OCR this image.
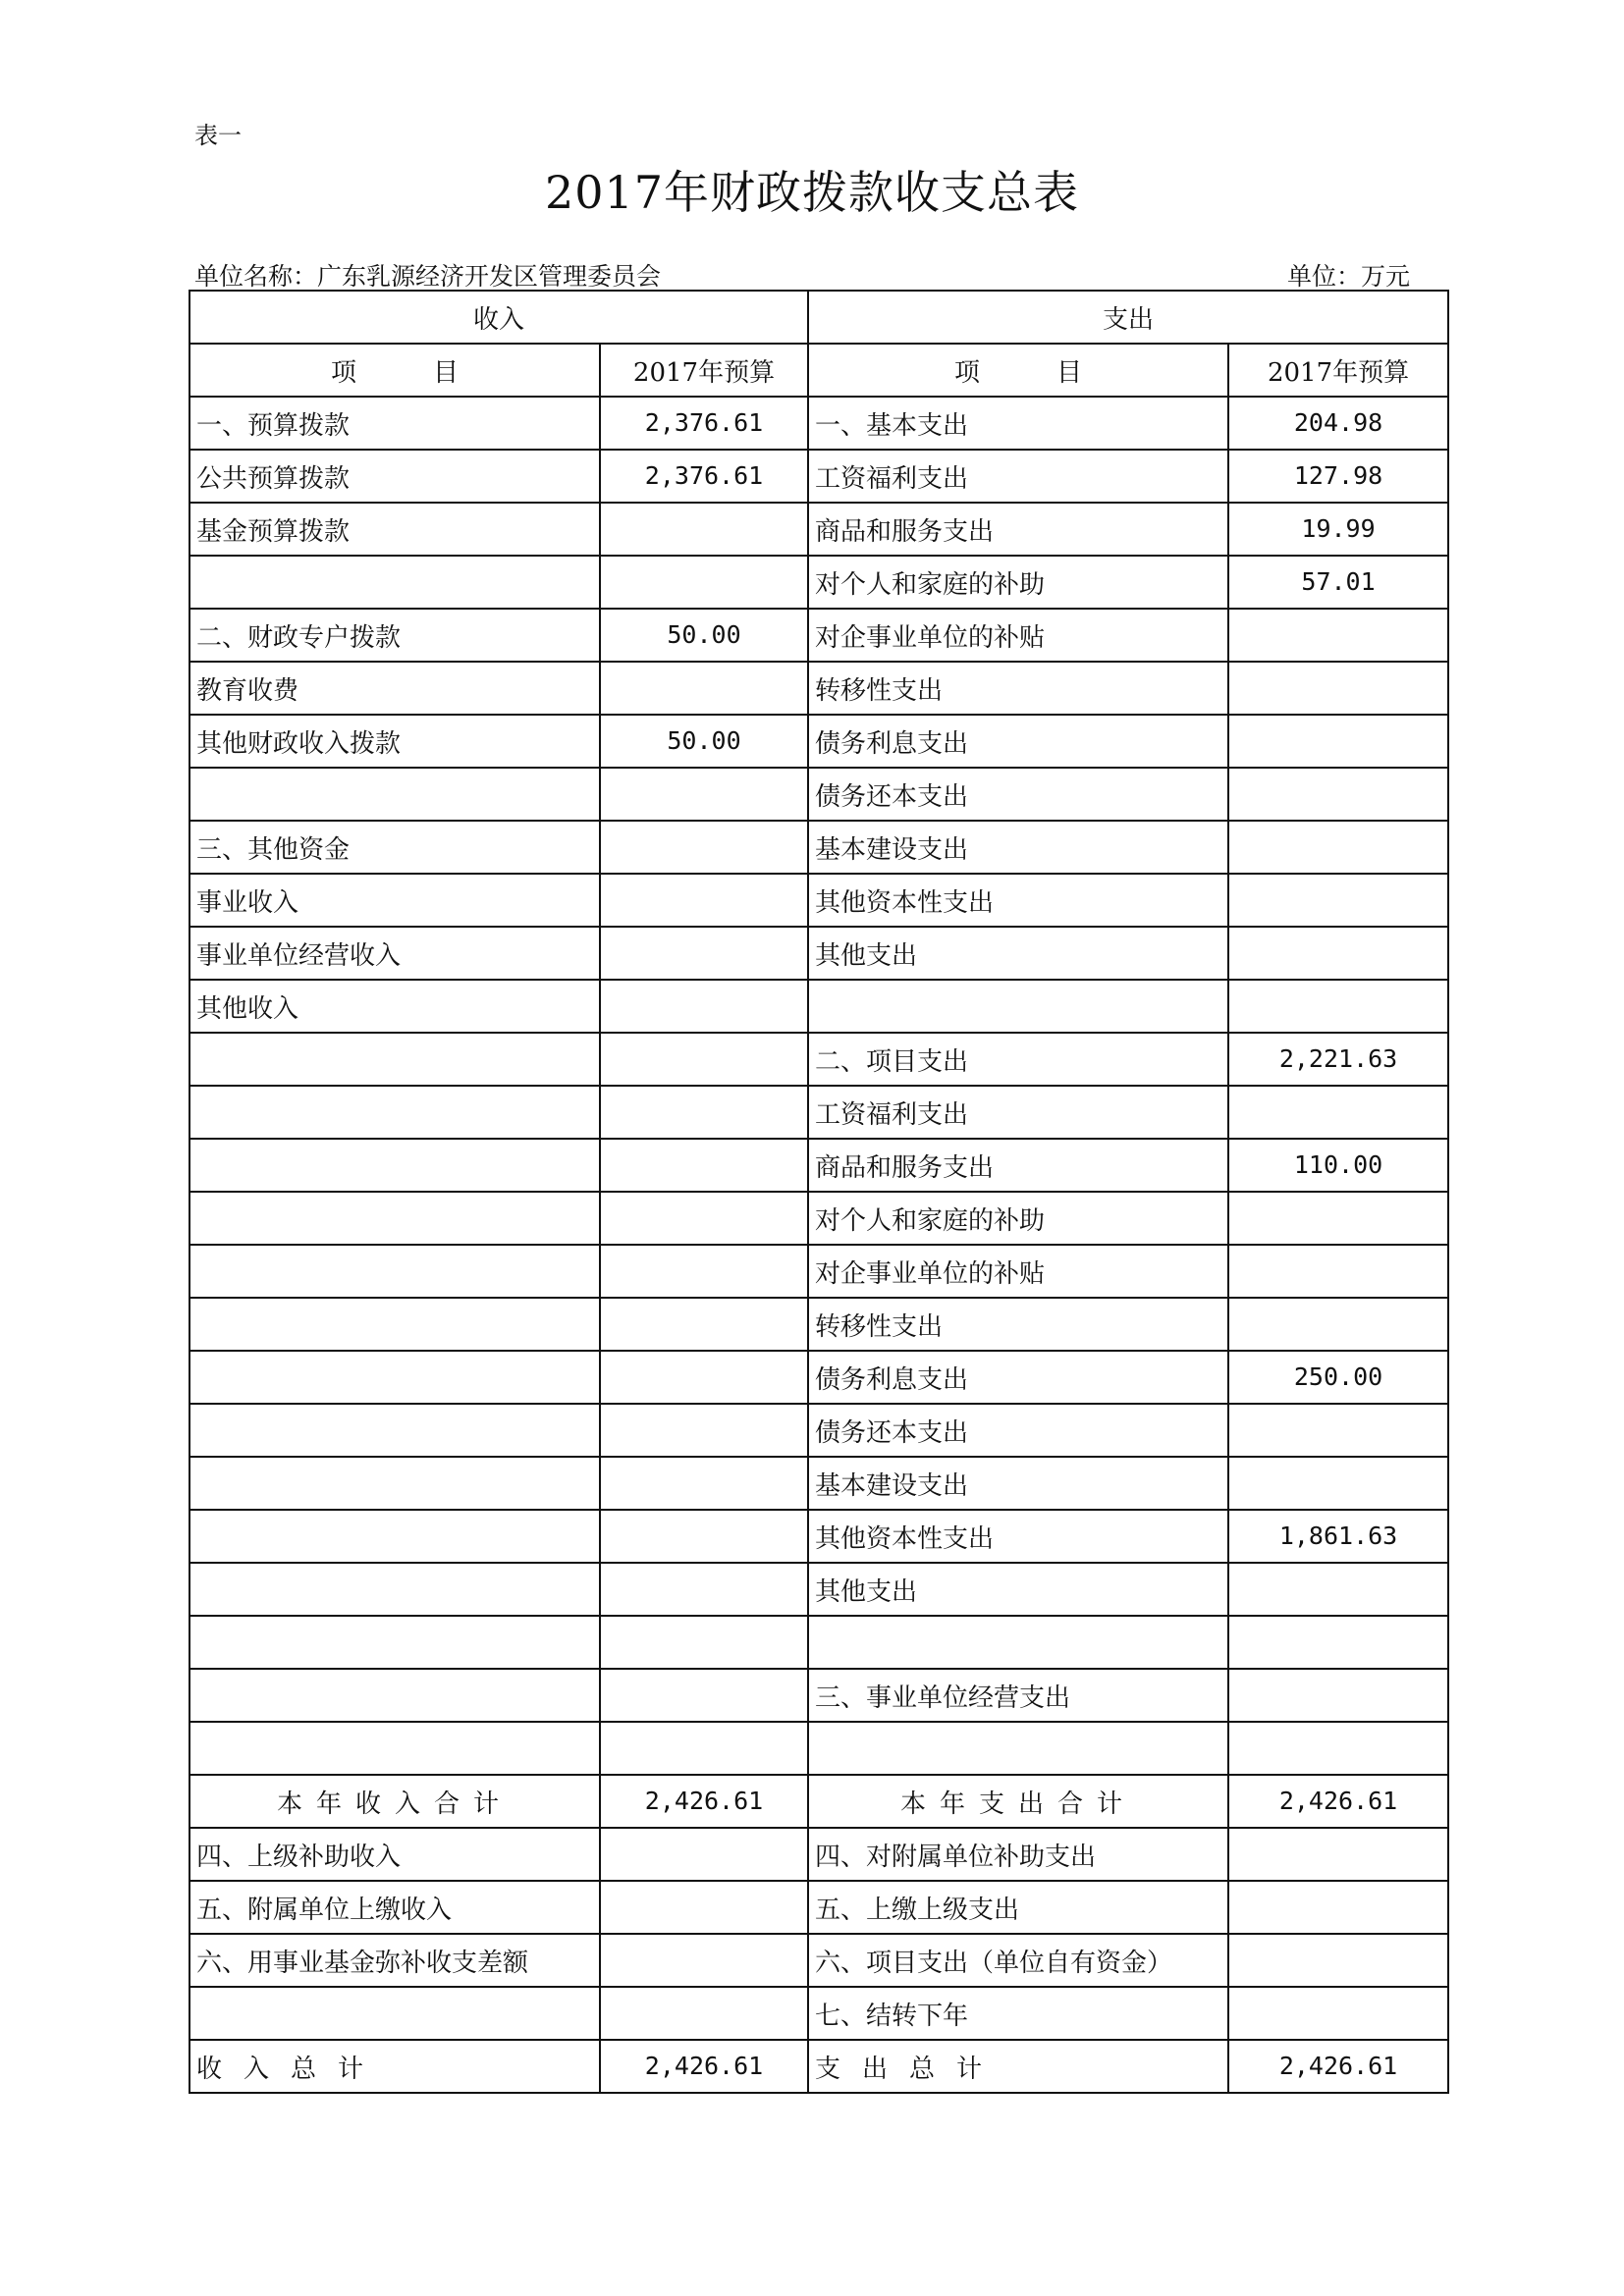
表一
2017年财政拨款收支总表
单位名称：广东乳源经济开发区管理委员会	单位：万元
收入		支出	
项　　　目	2017年预算	项　　　目	2017年预算
一、预算拨款	2,376.61	一、基本支出	204.98
公共预算拨款	2,376.61	工资福利支出	127.98
基金预算拨款		商品和服务支出	19.99
		对个人和家庭的补助	57.01
二、财政专户拨款	50.00	对企事业单位的补贴	
教育收费		转移性支出	
其他财政收入拨款	50.00	债务利息支出	
		债务还本支出	
三、其他资金		基本建设支出	
事业收入		其他资本性支出	
事业单位经营收入		其他支出	
其他收入			
		二、项目支出	2,221.63
		工资福利支出	
		商品和服务支出	110.00
		对个人和家庭的补助	
		对企事业单位的补贴	
		转移性支出	
		债务利息支出	250.00
		债务还本支出	
		基本建设支出	
		其他资本性支出	1,861.63
		其他支出	

		三、事业单位经营支出	

本年收入合计	2,426.61	本年支出合计	2,426.61
四、上级补助收入		四、对附属单位补助支出	
五、附属单位上缴收入		五、上缴上级支出	
六、用事业基金弥补收支差额		六、项目支出（单位自有资金）	
		七、结转下年	
收入总计	2,426.61	支出总计	2,426.61
